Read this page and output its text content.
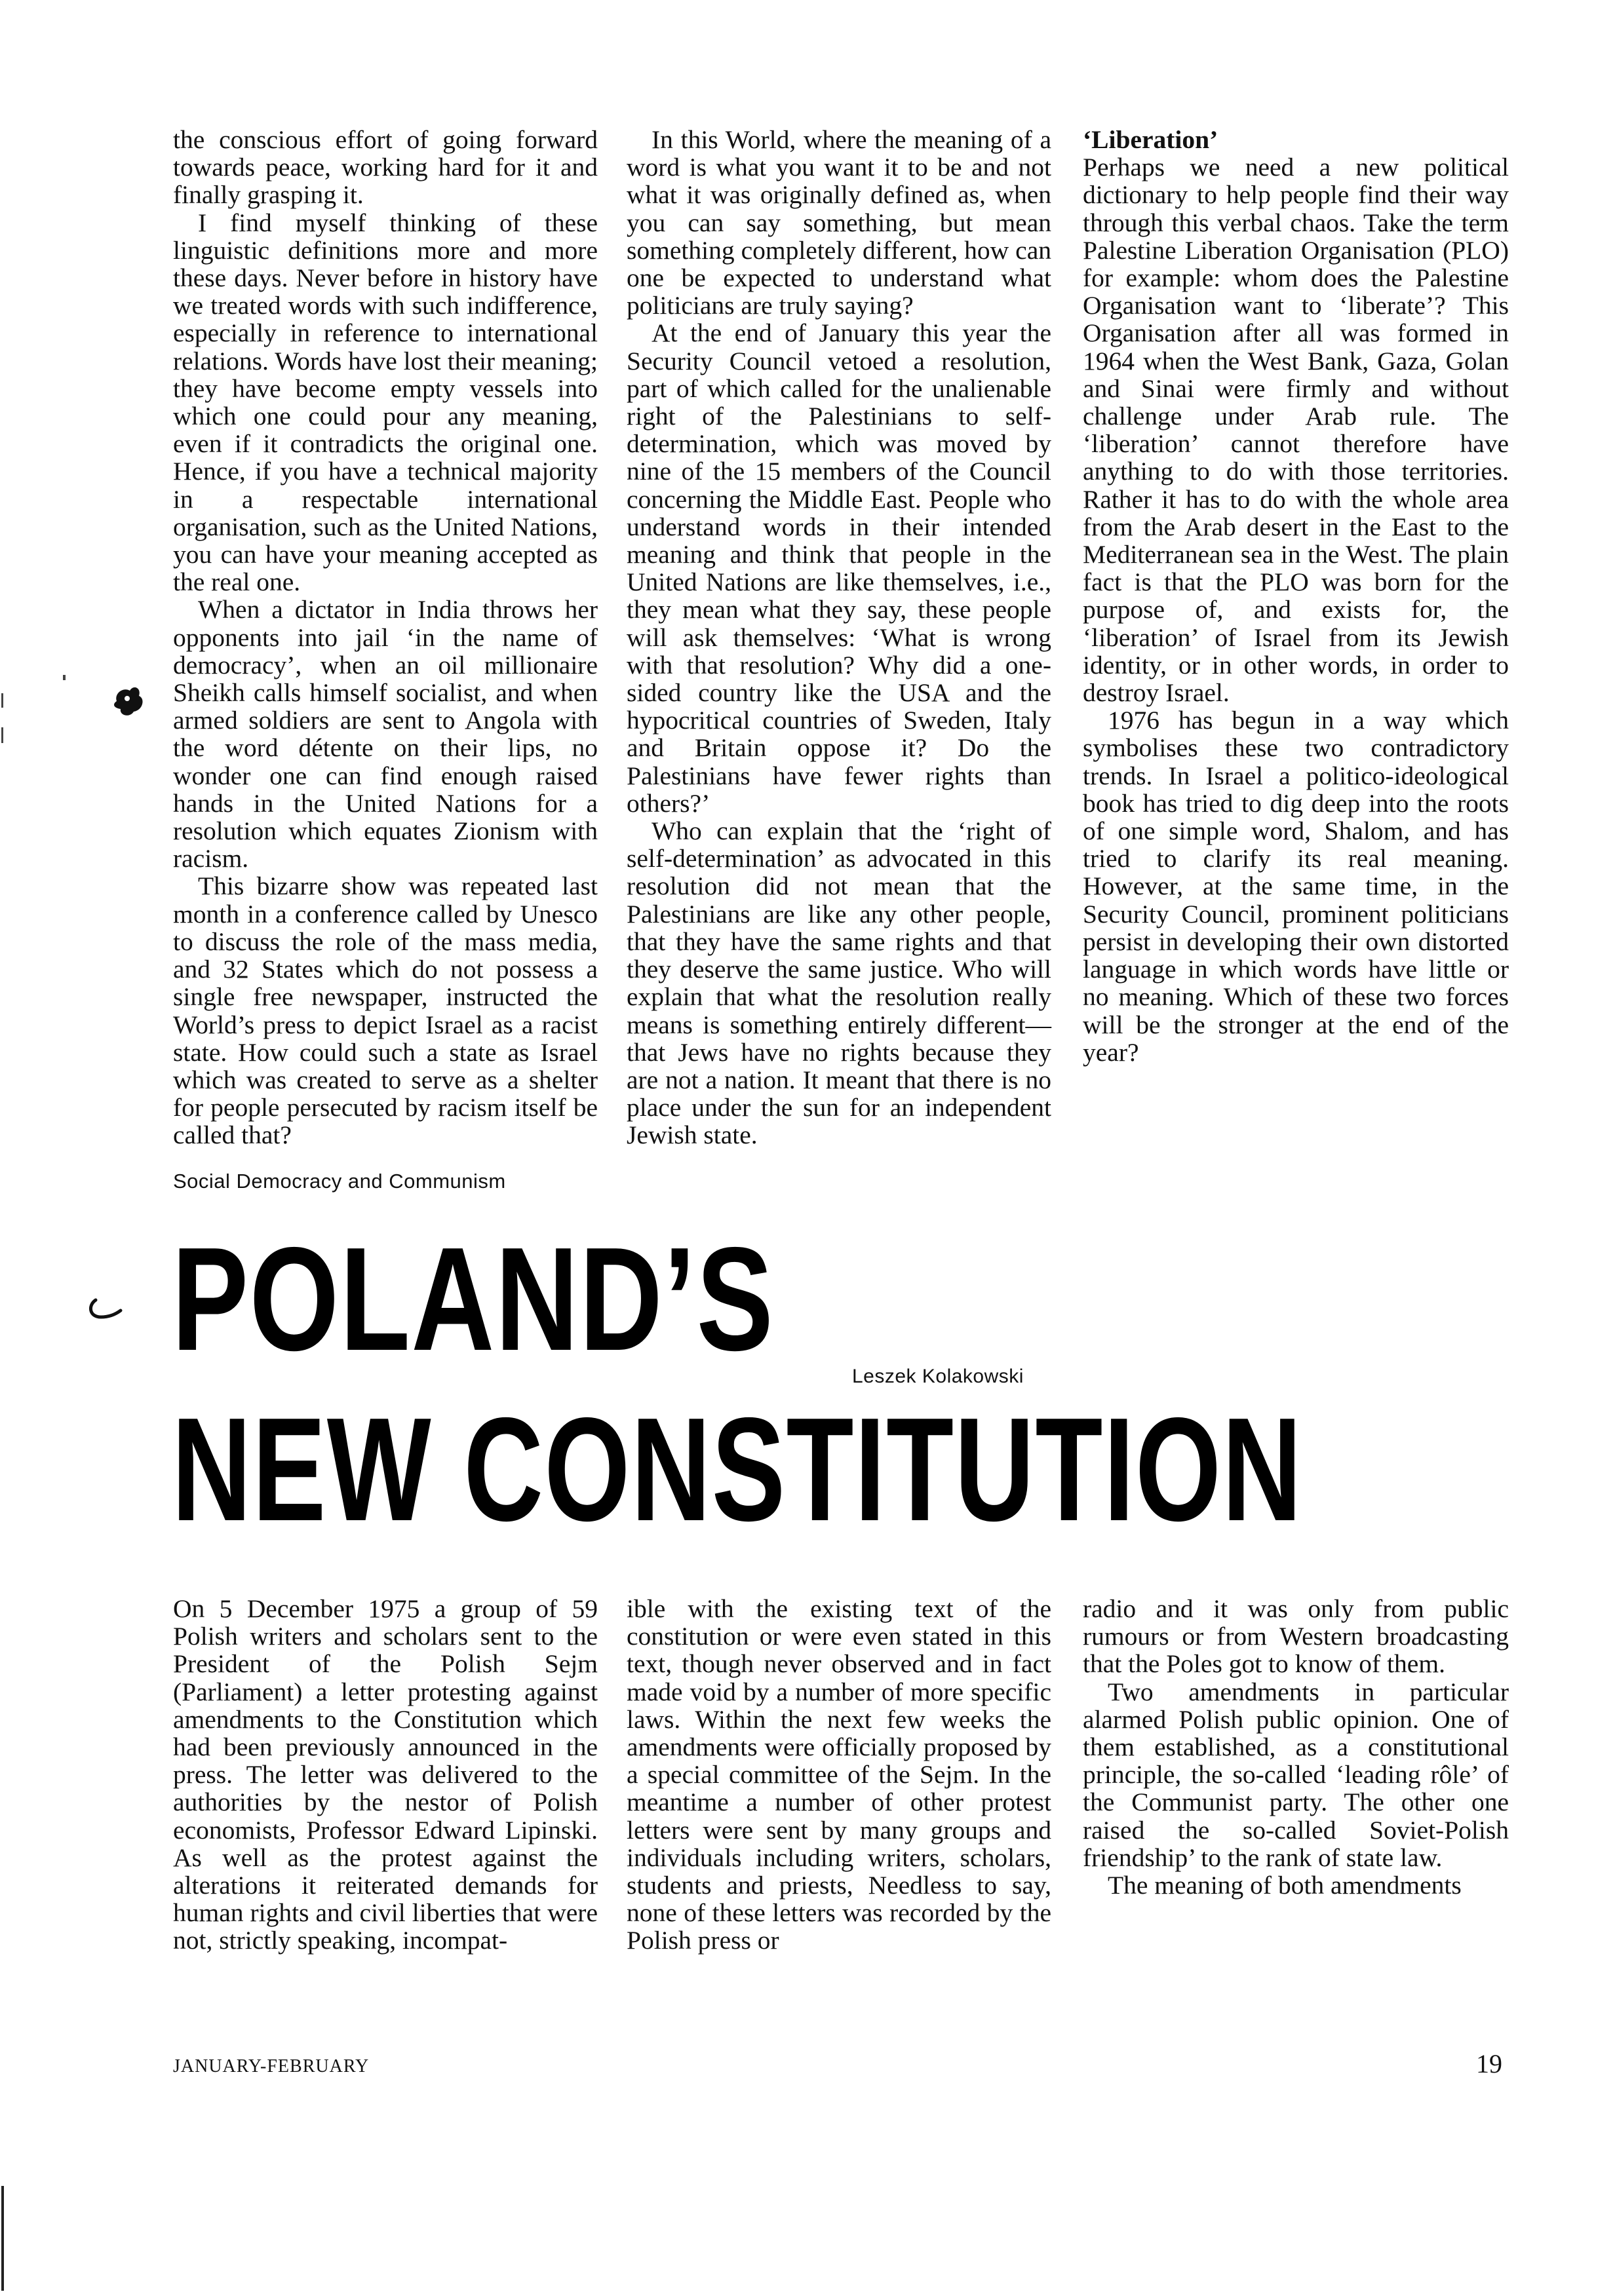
the conscious effort of going forward towards peace, working hard for it and finally grasping it.

I find myself thinking of these linguistic definitions more and more these days. Never before in history have we treated words with such indifference, especially in reference to international relations. Words have lost their meaning; they have become empty vessels into which one could pour any meaning, even if it contradicts the original one. Hence, if you have a technical majority in a respectable international organisation, such as the United Nations, you can have your meaning accepted as the real one.

When a dictator in India throws her opponents into jail ‘in the name of democracy’, when an oil millionaire Sheikh calls himself socialist, and when armed soldiers are sent to Angola with the word détente on their lips, no wonder one can find enough raised hands in the United Nations for a resolution which equates Zionism with racism.

This bizarre show was repeated last month in a conference called by Unesco to discuss the role of the mass media, and 32 States which do not possess a single free newspaper, instructed the World’s press to depict Israel as a racist state. How could such a state as Israel which was created to serve as a shelter for people persecuted by racism itself be called that?

In this World, where the meaning of a word is what you want it to be and not what it was originally defined as, when you can say something, but mean something completely different, how can one be expected to understand what politicians are truly saying?

At the end of January this year the Security Council vetoed a resolution, part of which called for the unalienable right of the Palestinians to self-determination, which was moved by nine of the 15 members of the Council concerning the Middle East. People who understand words in their intended meaning and think that people in the United Nations are like themselves, i.e., they mean what they say, these people will ask themselves: ‘What is wrong with that resolution? Why did a one-sided country like the USA and the hypocritical countries of Sweden, Italy and Britain oppose it? Do the Palestinians have fewer rights than others?’

Who can explain that the ‘right of self-determination’ as advocated in this resolution did not mean that the Palestinians are like any other people, that they have the same rights and that they deserve the same justice. Who will explain that what the resolution really means is something entirely different—that Jews have no rights because they are not a nation. It meant that there is no place under the sun for an independent Jewish state.

‘Liberation’

Perhaps we need a new political dictionary to help people find their way through this verbal chaos. Take the term Palestine Liberation Organisation (PLO) for example: whom does the Palestine Organisation want to ‘liberate’? This Organisation after all was formed in 1964 when the West Bank, Gaza, Golan and Sinai were firmly and without challenge under Arab rule. The ‘liberation’ cannot therefore have anything to do with those territories. Rather it has to do with the whole area from the Arab desert in the East to the Mediterranean sea in the West. The plain fact is that the PLO was born for the purpose of, and exists for, the ‘liberation’ of Israel from its Jewish identity, or in other words, in order to destroy Israel.

1976 has begun in a way which symbolises these two contradictory trends. In Israel a politico-ideological book has tried to dig deep into the roots of one simple word, Shalom, and has tried to clarify its real meaning. However, at the same time, in the Security Council, prominent politicians persist in developing their own distorted language in which words have little or no meaning. Which of these two forces will be the stronger at the end of the year?

Social Democracy and Communism
POLAND’S	Leszek Kolakowski
NEW CONSTITUTION

On 5 December 1975 a group of 59 Polish writers and scholars sent to the President of the Polish Sejm (Parliament) a letter protesting against amendments to the Constitution which had been previously announced in the press. The letter was delivered to the authorities by the nestor of Polish economists, Professor Edward Lipinski. As well as the protest against the alterations it reiterated demands for human rights and civil liberties that were not, strictly speaking, incompat-

ible with the existing text of the constitution or were even stated in this text, though never observed and in fact made void by a number of more specific laws. Within the next few weeks the amendments were officially proposed by a special committee of the Sejm. In the meantime a number of other protest letters were sent by many groups and individuals including writers, scholars, students and priests, Needless to say, none of these letters was recorded by the Polish press or

radio and it was only from public rumours or from Western broadcasting that the Poles got to know of them.

Two amendments in particular alarmed Polish public opinion. One of them established, as a constitutional principle, the so-called ‘leading rôle’ of the Communist party. The other one raised the so-called Soviet-Polish friendship’ to the rank of state law.

The meaning of both amendments

JANUARY-FEBRUARY	19
